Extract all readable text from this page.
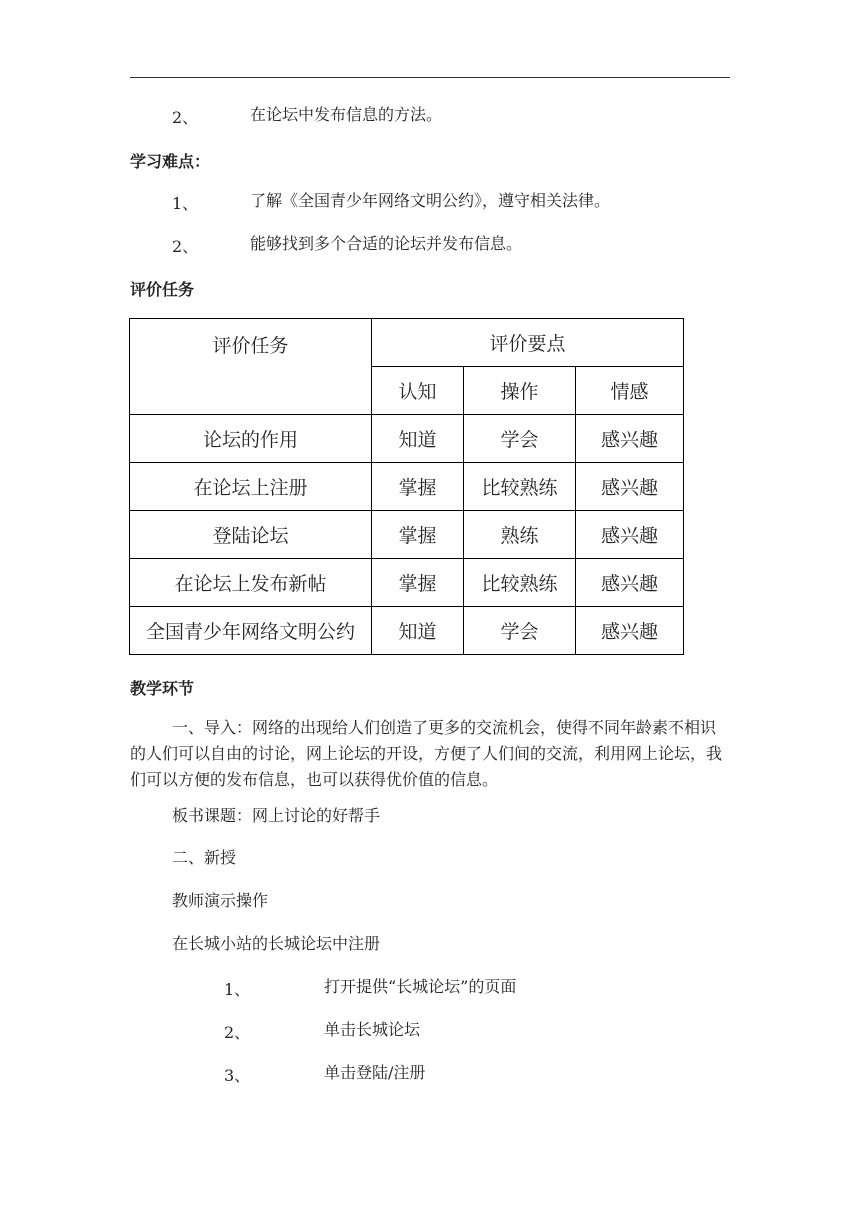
2、	在论坛中发布信息的方法。
学习难点：
1、	了解《全国青少年网络文明公约》，遵守相关法律。
2、	能够找到多个合适的论坛并发布信息。
评价任务
评价任务	评价要点		
	认知	操作	情感
论坛的作用	知道	学会	感兴趣
在论坛上注册	掌握	比较熟练	感兴趣
登陆论坛	掌握	熟练	感兴趣
在论坛上发布新帖	掌握	比较熟练	感兴趣
全国青少年网络文明公约	知道	学会	感兴趣
教学环节
一、导入：网络的出现给人们创造了更多的交流机会，使得不同年龄素不相识的人们可以自由的讨论，网上论坛的开设，方便了人们间的交流，利用网上论坛，我们可以方便的发布信息，也可以获得优价值的信息。
板书课题：网上讨论的好帮手
二、新授
教师演示操作
在长城小站的长城论坛中注册
1、	打开提供“长城论坛”的页面
2、	单击长城论坛
3、	单击登陆/注册
